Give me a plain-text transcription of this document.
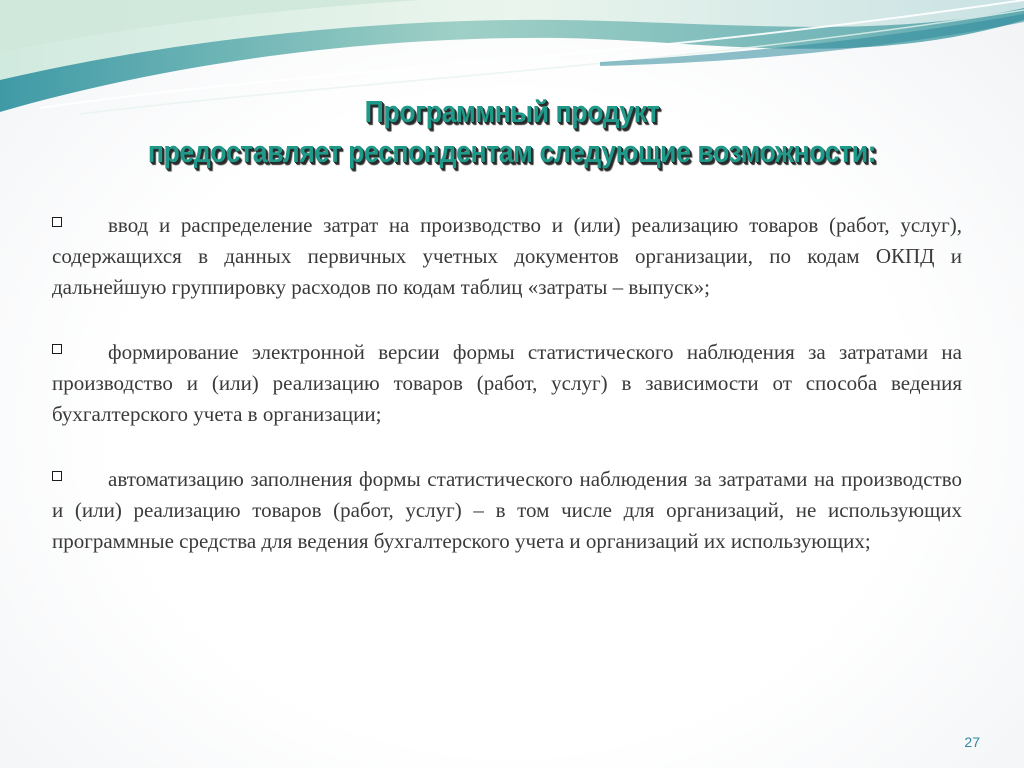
Программный продукт
предоставляет респондентам следующие возможности:

ввод и распределение затрат на производство и (или) реализацию товаров (работ, услуг), содержащихся в данных первичных учетных документов организации, по кодам ОКПД и дальнейшую группировку расходов по кодам таблиц «затраты – выпуск»;

формирование электронной версии формы статистического наблюдения за затратами на производство и (или) реализацию товаров (работ, услуг) в зависимости от способа ведения бухгалтерского учета в организации;

автоматизацию заполнения формы статистического наблюдения за затратами на производство и (или) реализацию товаров (работ, услуг) – в том числе для организаций, не использующих программные средства для ведения бухгалтерского учета и организаций их использующих;

27
